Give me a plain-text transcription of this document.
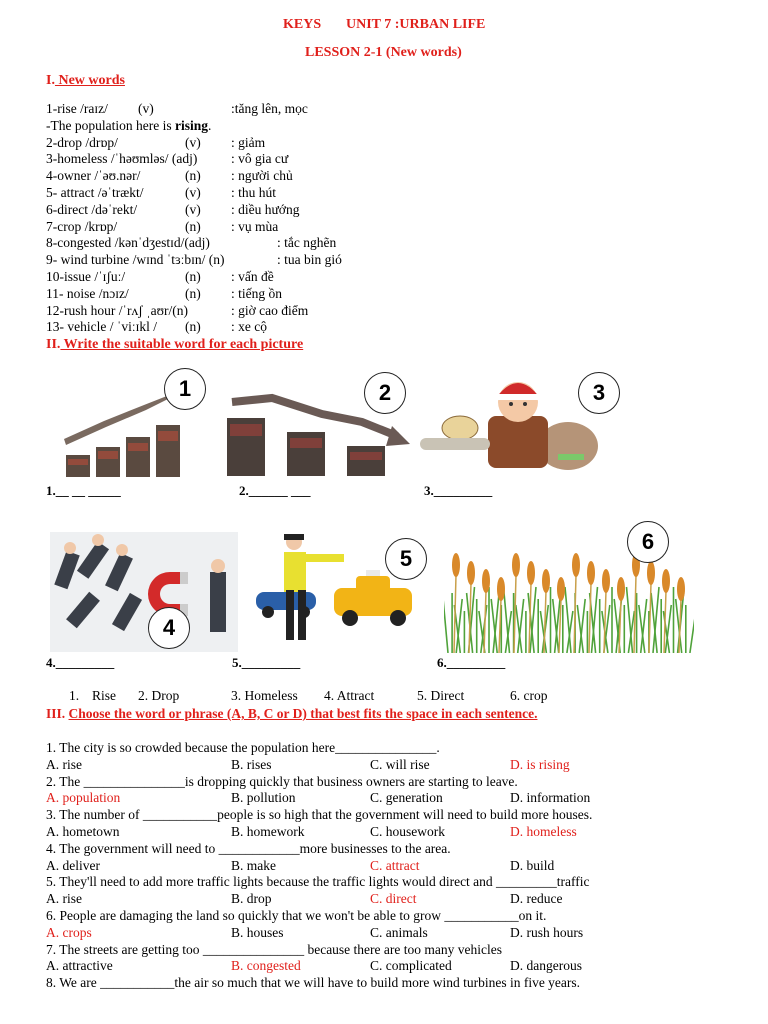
KEYS UNIT 7 :URBAN LIFE
LESSON 2-1 (New words)
I. New words
1-rise /raɪz/ (v)	:tăng lên, mọc
-The population here is rising.
2-drop /drɒp/	(v) : giảm
3-homeless /ˈhəʊmləs/ (adj) : vô gia cư
4-owner /ˈəʊ.nər/	(n) : người chủ
5- attract /əˈtrækt/	(v) : thu hút
6-direct /dəˈrekt/	(v) : diều hướng
7-crop /krɒp/	(n) : vụ mùa
8-congested /kənˈdʒestɪd/(adj)	: tắc nghẽn
9- wind turbine /wɪnd ˈtɜːbɪn/ (n)	: tua bin gió
10-issue /ˈɪʃuː/	(n) : vấn đề
11- noise /nɔɪz/	(n) : tiếng ồn
12-rush hour /ˈrʌʃ ˌaʊr/(n)	: giờ cao điểm
13- vehicle / ˈviːɪkl / (n) : xe cộ
II. Write the suitable word for each picture
1	2	3
1.__ __ _____	2.______ ___	3._________
4
5
6
4._________	5._________	6._________
1. Rise 2. Drop	3. Homeless 4. Attract	5. Direct	6. crop
III. Choose the word or phrase (A, B, C or D) that best fits the space in each sentence.
1. The city is so crowded because the population here_______________.
A. rise	B. rises	C. will rise	D. is rising
2. The _______________is dropping quickly that business owners are starting to leave.
A. population	B. pollution	C. generation	D. information
3. The number of ___________people is so high that the government will need to build more houses.
A. hometown	B. homework	C. housework	D. homeless
4. The government will need to ____________more businesses to the area.
A. deliver	B. make	C. attract	D. build
5. They'll need to add more traffic lights because the traffic lights would direct and _________traffic
A. rise	B. drop	C. direct	D. reduce
6. People are damaging the land so quickly that we won't be able to grow ___________on it.
A. crops	B. houses	C. animals	D. rush hours
7. The streets are getting too _______________ because there are too many vehicles
A. attractive	B. congested	C. complicated	D. dangerous
8. We are ___________the air so much that we will have to build more wind turbines in five years.
